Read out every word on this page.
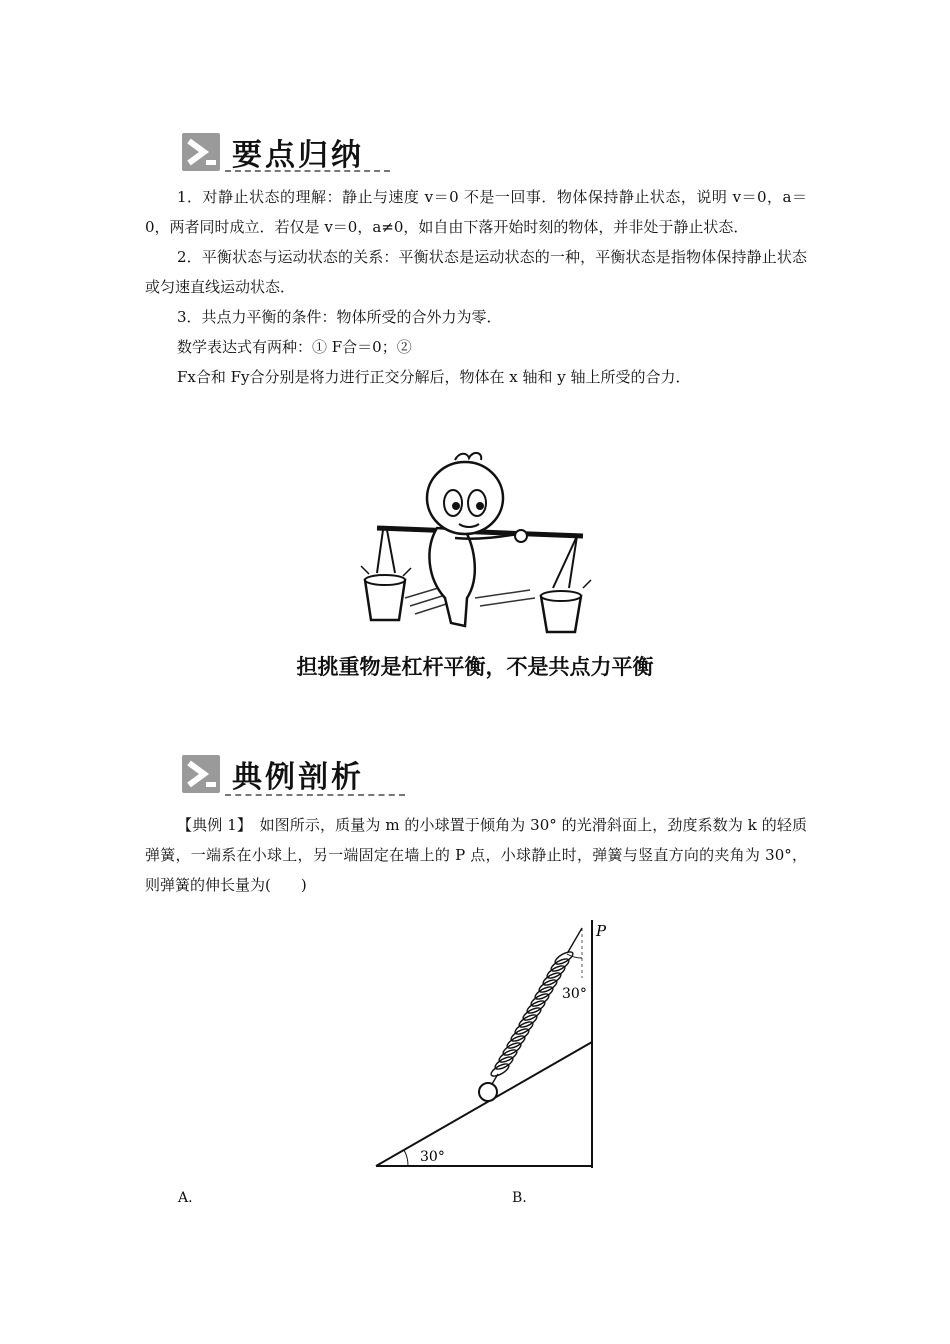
要点归纳

1．对静止状态的理解：静止与速度 v＝0 不是一回事．物体保持静止状态，说明 v＝0，a＝0，两者同时成立．若仅是 v＝0，a≠0，如自由下落开始时刻的物体，并非处于静止状态．

2．平衡状态与运动状态的关系：平衡状态是运动状态的一种，平衡状态是指物体保持静止状态或匀速直线运动状态．

3．共点力平衡的条件：物体所受的合外力为零．

数学表达式有两种：① F合＝0；②

Fx合和 Fy合分别是将力进行正交分解后，物体在 x 轴和 y 轴上所受的合力．

担挑重物是杠杆平衡，不是共点力平衡
典例剖析

【典例 1】　如图所示，质量为 m 的小球置于倾角为 30° 的光滑斜面上，劲度系数为 k 的轻质弹簧，一端系在小球上，另一端固定在墙上的 P 点，小球静止时，弹簧与竖直方向的夹角为 30°，则弹簧的伸长量为(　　)

P
30°
30°
A.	B.
